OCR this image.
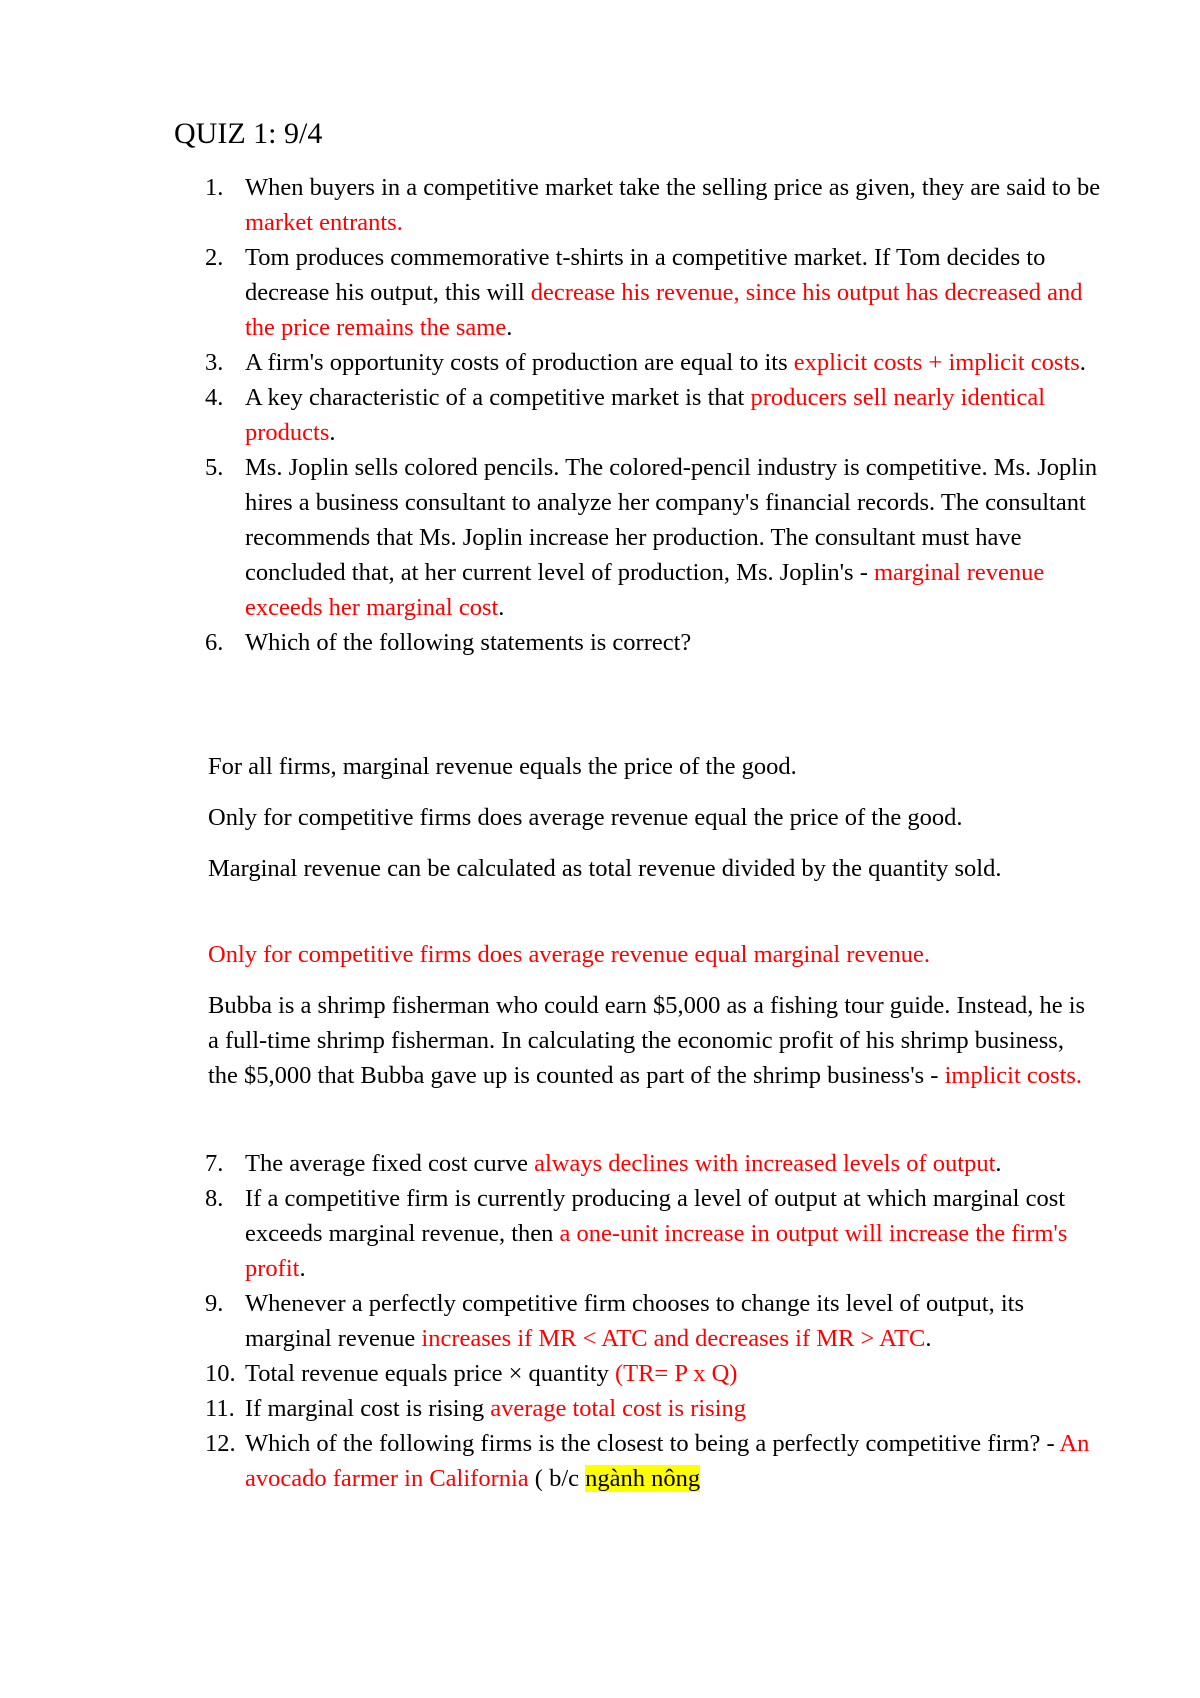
QUIZ 1: 9/4
1. When buyers in a competitive market take the selling price as given, they are said to be market entrants.
2. Tom produces commemorative t-shirts in a competitive market. If Tom decides to decrease his output, this will decrease his revenue, since his output has decreased and the price remains the same.
3. A firm's opportunity costs of production are equal to its explicit costs + implicit costs.
4. A key characteristic of a competitive market is that producers sell nearly identical products.
5. Ms. Joplin sells colored pencils. The colored-pencil industry is competitive. Ms. Joplin hires a business consultant to analyze her company's financial records. The consultant recommends that Ms. Joplin increase her production. The consultant must have concluded that, at her current level of production, Ms. Joplin's - marginal revenue exceeds her marginal cost.
6. Which of the following statements is correct?

For all firms, marginal revenue equals the price of the good.

Only for competitive firms does average revenue equal the price of the good.

Marginal revenue can be calculated as total revenue divided by the quantity sold.

Only for competitive firms does average revenue equal marginal revenue.

Bubba is a shrimp fisherman who could earn $5,000 as a fishing tour guide. Instead, he is a full-time shrimp fisherman. In calculating the economic profit of his shrimp business, the $5,000 that Bubba gave up is counted as part of the shrimp business's - implicit costs.

7. The average fixed cost curve always declines with increased levels of output.
8. If a competitive firm is currently producing a level of output at which marginal cost exceeds marginal revenue, then a one-unit increase in output will increase the firm's profit.
9. Whenever a perfectly competitive firm chooses to change its level of output, its marginal revenue increases if MR < ATC and decreases if MR > ATC.
10. Total revenue equals price × quantity (TR= P x Q)
11. If marginal cost is rising average total cost is rising
12. Which of the following firms is the closest to being a perfectly competitive firm? - An avocado farmer in California ( b/c ngành nông
